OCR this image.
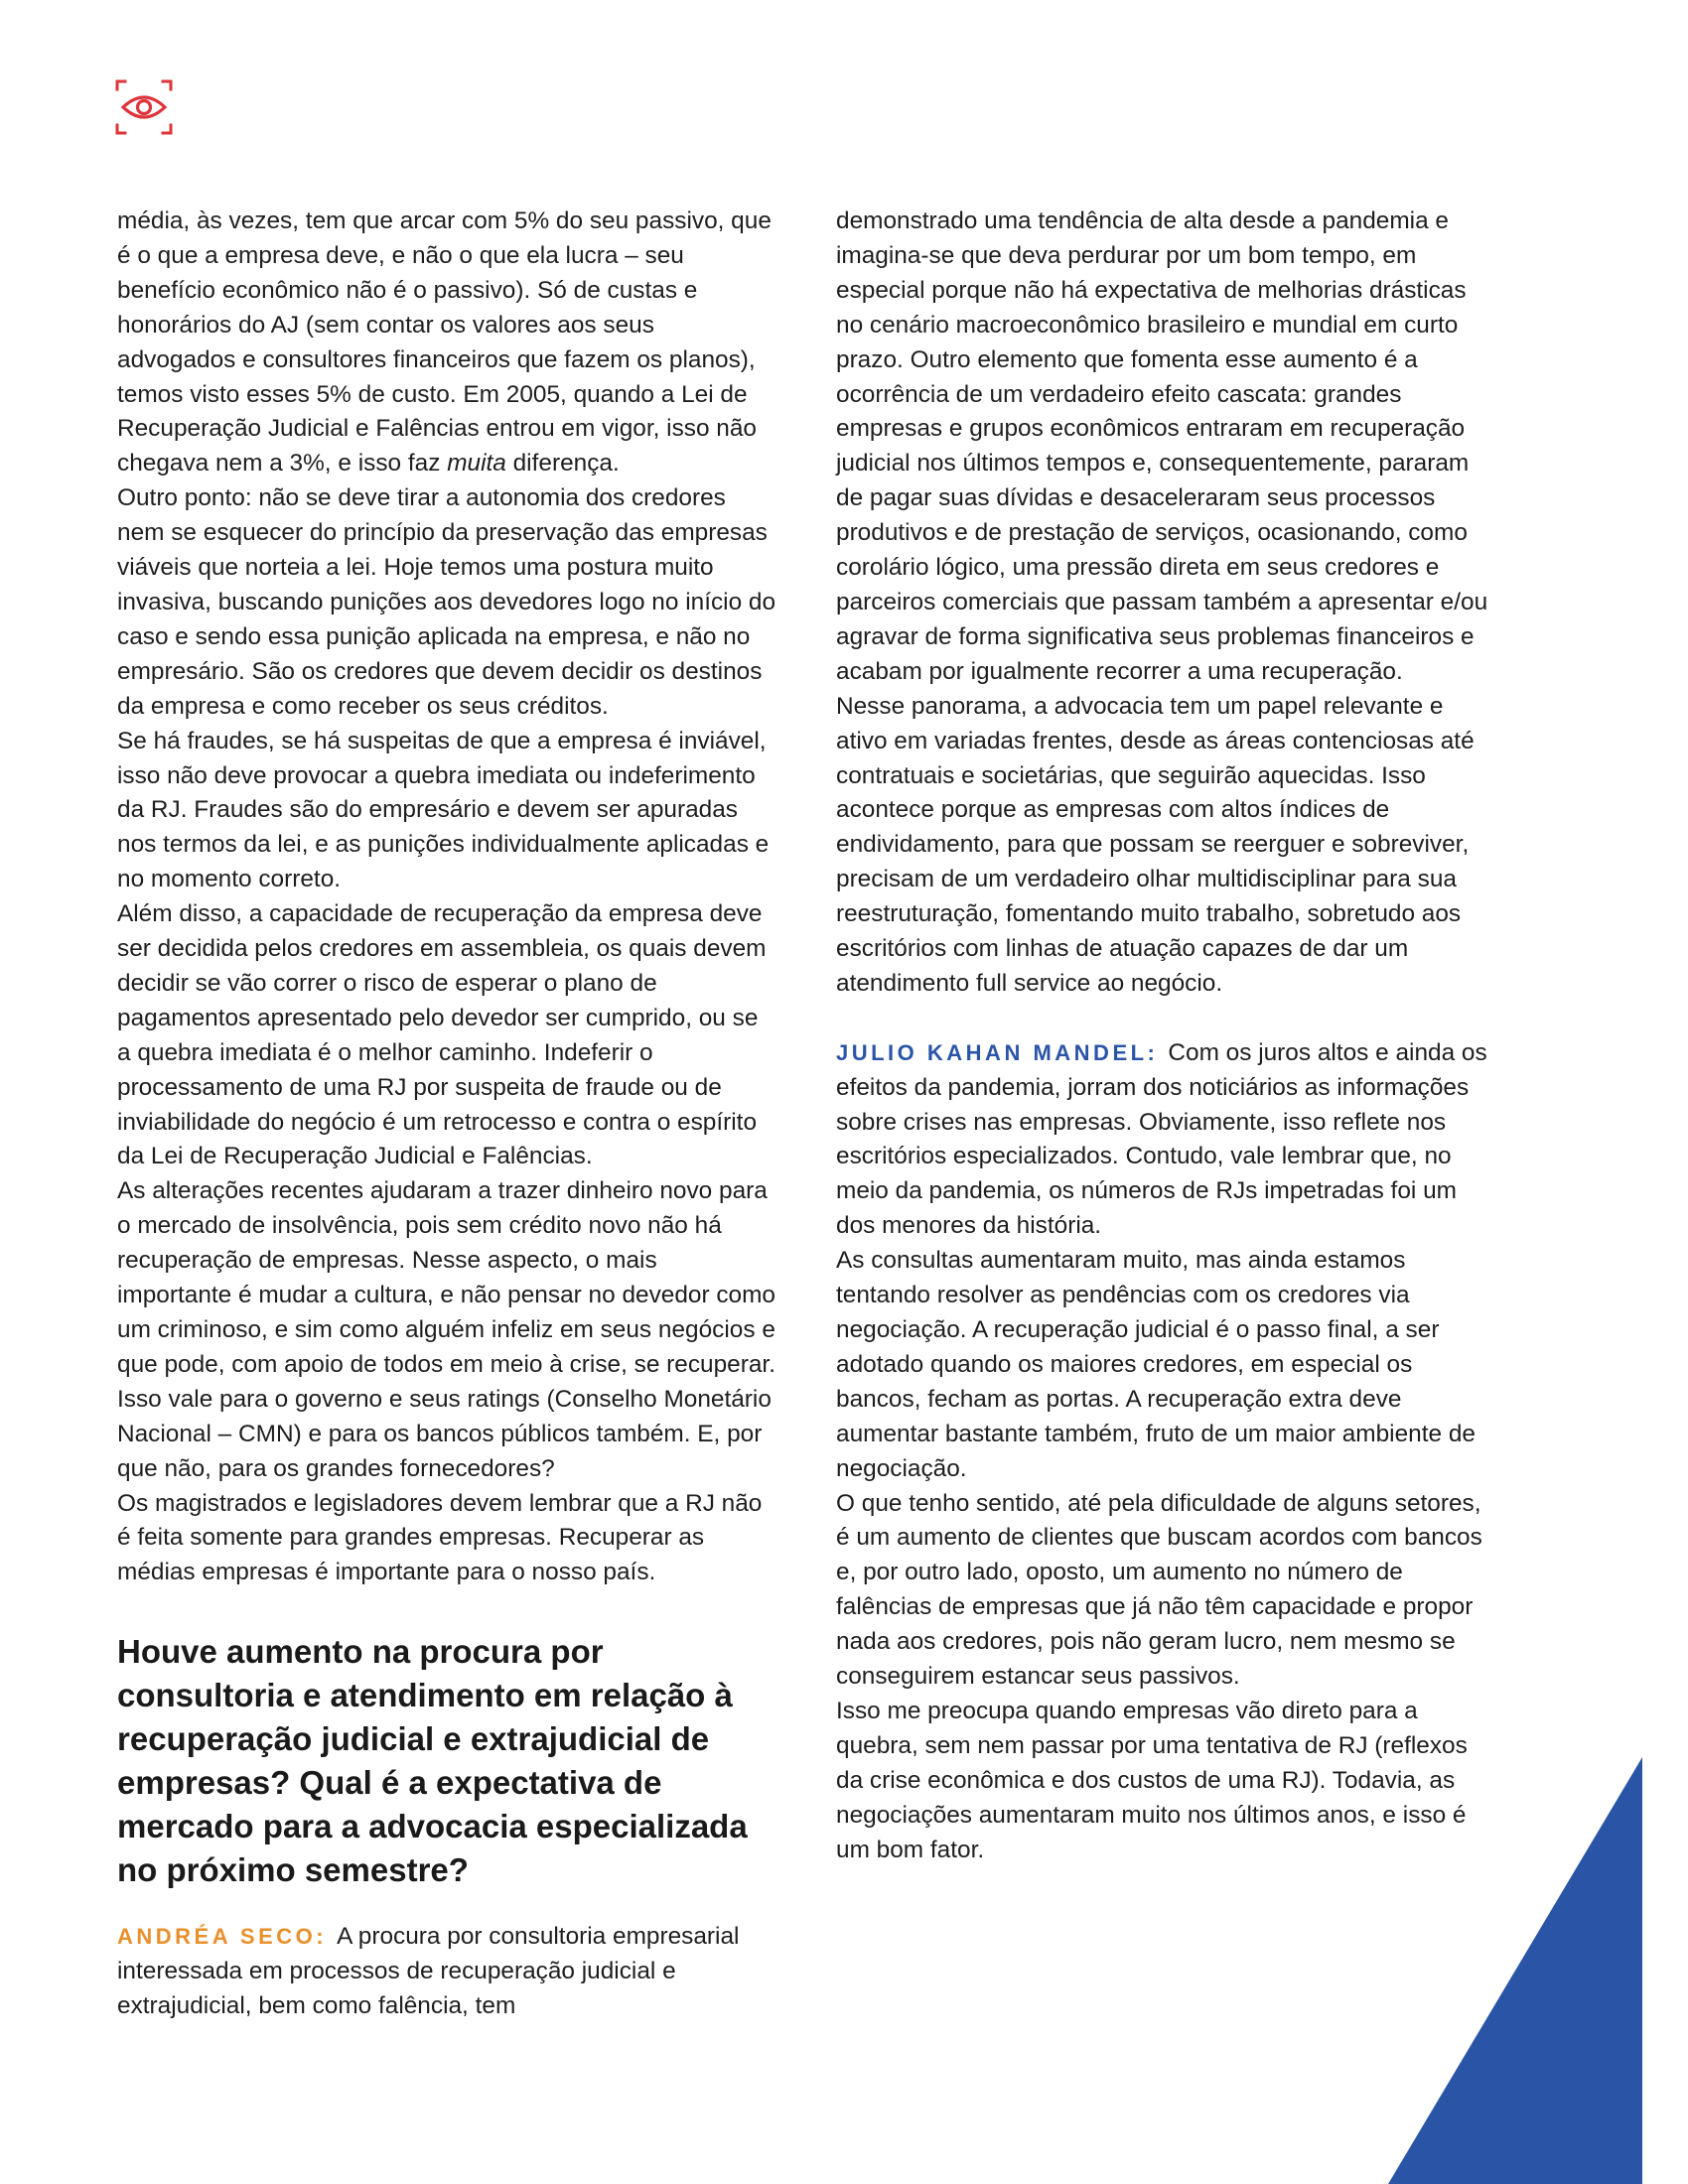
média, às vezes, tem que arcar com 5% do seu passivo, que é o que a empresa deve, e não o que ela lucra – seu benefício econômico não é o passivo). Só de custas e honorários do AJ (sem contar os valores aos seus advogados e consultores financeiros que fazem os planos), temos visto esses 5% de custo. Em 2005, quando a Lei de Recuperação Judicial e Falências entrou em vigor, isso não chegava nem a 3%, e isso faz muita diferença.

Outro ponto: não se deve tirar a autonomia dos credores nem se esquecer do princípio da preservação das empresas viáveis que norteia a lei. Hoje temos uma postura muito invasiva, buscando punições aos devedores logo no início do caso e sendo essa punição aplicada na empresa, e não no empresário. São os credores que devem decidir os destinos da empresa e como receber os seus créditos.

Se há fraudes, se há suspeitas de que a empresa é inviável, isso não deve provocar a quebra imediata ou indeferimento da RJ. Fraudes são do empresário e devem ser apuradas nos termos da lei, e as punições individualmente aplicadas e no momento correto.

Além disso, a capacidade de recuperação da empresa deve ser decidida pelos credores em assembleia, os quais devem decidir se vão correr o risco de esperar o plano de pagamentos apresentado pelo devedor ser cumprido, ou se a quebra imediata é o melhor caminho. Indeferir o processamento de uma RJ por suspeita de fraude ou de inviabilidade do negócio é um retrocesso e contra o espírito da Lei de Recuperação Judicial e Falências.

As alterações recentes ajudaram a trazer dinheiro novo para o mercado de insolvência, pois sem crédito novo não há recuperação de empresas. Nesse aspecto, o mais importante é mudar a cultura, e não pensar no devedor como um criminoso, e sim como alguém infeliz em seus negócios e que pode, com apoio de todos em meio à crise, se recuperar. Isso vale para o governo e seus ratings (Conselho Monetário Nacional – CMN) e para os bancos públicos também. E, por que não, para os grandes fornecedores?

Os magistrados e legisladores devem lembrar que a RJ não é feita somente para grandes empresas. Recuperar as médias empresas é importante para o nosso país.

Houve aumento na procura por consultoria e atendimento em relação à recuperação judicial e extrajudicial de empresas? Qual é a expectativa de mercado para a advocacia especializada no próximo semestre?

ANDRÉA SECO: A procura por consultoria empresarial interessada em processos de recuperação judicial e extrajudicial, bem como falência, tem

demonstrado uma tendência de alta desde a pandemia e imagina-se que deva perdurar por um bom tempo, em especial porque não há expectativa de melhorias drásticas no cenário macroeconômico brasileiro e mundial em curto prazo. Outro elemento que fomenta esse aumento é a ocorrência de um verdadeiro efeito cascata: grandes empresas e grupos econômicos entraram em recuperação judicial nos últimos tempos e, consequentemente, pararam de pagar suas dívidas e desaceleraram seus processos produtivos e de prestação de serviços, ocasionando, como corolário lógico, uma pressão direta em seus credores e parceiros comerciais que passam também a apresentar e/ou agravar de forma significativa seus problemas financeiros e acabam por igualmente recorrer a uma recuperação.

Nesse panorama, a advocacia tem um papel relevante e ativo em variadas frentes, desde as áreas contenciosas até contratuais e societárias, que seguirão aquecidas. Isso acontece porque as empresas com altos índices de endividamento, para que possam se reerguer e sobreviver, precisam de um verdadeiro olhar multidisciplinar para sua reestruturação, fomentando muito trabalho, sobretudo aos escritórios com linhas de atuação capazes de dar um atendimento full service ao negócio.

JULIO KAHAN MANDEL: Com os juros altos e ainda os efeitos da pandemia, jorram dos noticiários as informações sobre crises nas empresas. Obviamente, isso reflete nos escritórios especializados. Contudo, vale lembrar que, no meio da pandemia, os números de RJs impetradas foi um dos menores da história.

As consultas aumentaram muito, mas ainda estamos tentando resolver as pendências com os credores via negociação. A recuperação judicial é o passo final, a ser adotado quando os maiores credores, em especial os bancos, fecham as portas. A recuperação extra deve aumentar bastante também, fruto de um maior ambiente de negociação.

O que tenho sentido, até pela dificuldade de alguns setores, é um aumento de clientes que buscam acordos com bancos e, por outro lado, oposto, um aumento no número de falências de empresas que já não têm capacidade e propor nada aos credores, pois não geram lucro, nem mesmo se conseguirem estancar seus passivos.

Isso me preocupa quando empresas vão direto para a quebra, sem nem passar por uma tentativa de RJ (reflexos da crise econômica e dos custos de uma RJ). Todavia, as negociações aumentaram muito nos últimos anos, e isso é um bom fator.
